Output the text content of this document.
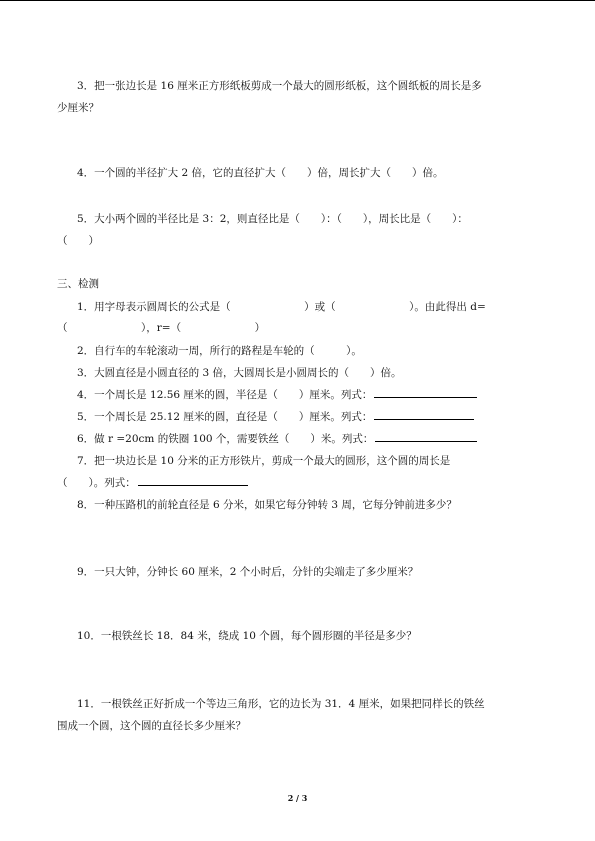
3．把一张边长是 16 厘米正方形纸板剪成一个最大的圆形纸板，这个圆纸板的周长是多
少厘米？
4．一个圆的半径扩大 2 倍，它的直径扩大（　　）倍，周长扩大（　　）倍。
5．大小两个圆的半径比是 3：2，则直径比是（　　）：（　　），周长比是（　　）：
（　　）
三、检测
1．用字母表示圆周长的公式是（　　　　　　　）或（　　　　　　　）。由此得出 d=
（　　　　　　　），r=（　　　　　　　）
2．自行车的车轮滚动一周，所行的路程是车轮的（　　　）。
3．大圆直径是小圆直径的 3 倍，大圆周长是小圆周长的（　　）倍。
4．一个周长是 12.56 厘米的圆，半径是（　　）厘米。列式：
5．一个周长是 25.12 厘米的圆，直径是（　　）厘米。列式：
6．做 r =20cm 的铁圈 100 个，需要铁丝（　　）米。列式：
7．把一块边长是 10 分米的正方形铁片，剪成一个最大的圆形，这个圆的周长是
（　　）。列式：
8．一种压路机的前轮直径是 6 分米，如果它每分钟转 3 周，它每分钟前进多少？
9．一只大钟，分钟长 60 厘米，2 个小时后，分针的尖端走了多少厘米？
10．一根铁丝长 18．84 米，绕成 10 个圆，每个圆形圈的半径是多少？
11．一根铁丝正好折成一个等边三角形，它的边长为 31．4 厘米，如果把同样长的铁丝
围成一个圆，这个圆的直径长多少厘米？
2 / 3
